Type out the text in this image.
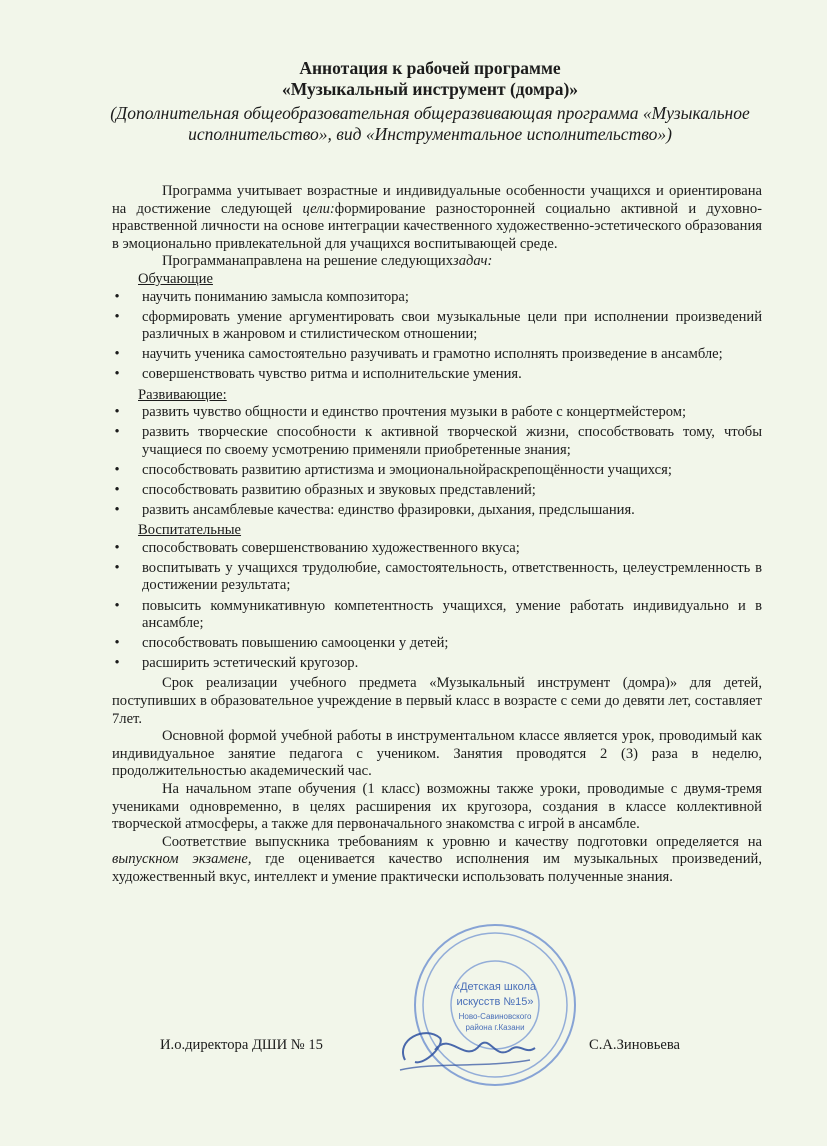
Аннотация к рабочей программе
«Музыкальный инструмент (домра)»
(Дополнительная общеобразовательная общеразвивающая программа «Музыкальное исполнительство», вид «Инструментальное исполнительство»)

Программа учитывает возрастные и индивидуальные особенности учащихся и ориентирована на достижение следующей цели:формирование разносторонней социально активной и духовно-нравственной личности на основе интеграции качественного художественно-эстетического образования в эмоционально привлекательной для учащихся воспитывающей среде.

Программанаправлена на решение следующихзадач:

Обучающие
• научить пониманию замысла композитора;
• сформировать умение аргументировать свои музыкальные цели при исполнении произведений различных в жанровом и стилистическом отношении;
• научить ученика самостоятельно разучивать и грамотно исполнять произведение в ансамбле;
• совершенствовать чувство ритма и исполнительские умения.
Развивающие:
• развить чувство общности и единство прочтения музыки в работе с концертмейстером;
• развить творческие способности к активной творческой жизни, способствовать тому, чтобы учащиеся по своему усмотрению применяли приобретенные знания;
• способствовать развитию артистизма и эмоциональнойраскрепощённости учащихся;
• способствовать развитию образных и звуковых представлений;
• развить ансамблевые качества: единство фразировки, дыхания, предслышания.
Воспитательные
• способствовать совершенствованию художественного вкуса;
• воспитывать у учащихся трудолюбие, самостоятельность, ответственность, целеустремленность в достижении результата;
• повысить коммуникативную компетентность учащихся, умение работать индивидуально и в ансамбле;
• способствовать повышению самооценки у детей;
• расширить эстетический кругозор.

Срок реализации учебного предмета «Музыкальный инструмент (домра)» для детей, поступивших в образовательное учреждение в первый класс в возрасте с семи до девяти лет, составляет 7лет.

Основной формой учебной работы в инструментальном классе является урок, проводимый как индивидуальное занятие педагога с учеником. Занятия проводятся 2 (3) раза в неделю, продолжительностью академический час.

На начальном этапе обучения (1 класс) возможны также уроки, проводимые с двумя-тремя учениками одновременно, в целях расширения их кругозора, создания в классе коллективной творческой атмосферы, а также для первоначального знакомства с игрой в ансамбле.

Соответствие выпускника требованиям к уровню и качеству подготовки определяется на выпускном экзамене, где оценивается качество исполнения им музыкальных произведений, художественный вкус, интеллект и умение практически использовать полученные знания.

«Детская школа
искусств №15»
Ново-Савиновского
района г.Казани
И.о.директора ДШИ № 15	С.А.Зиновьева
